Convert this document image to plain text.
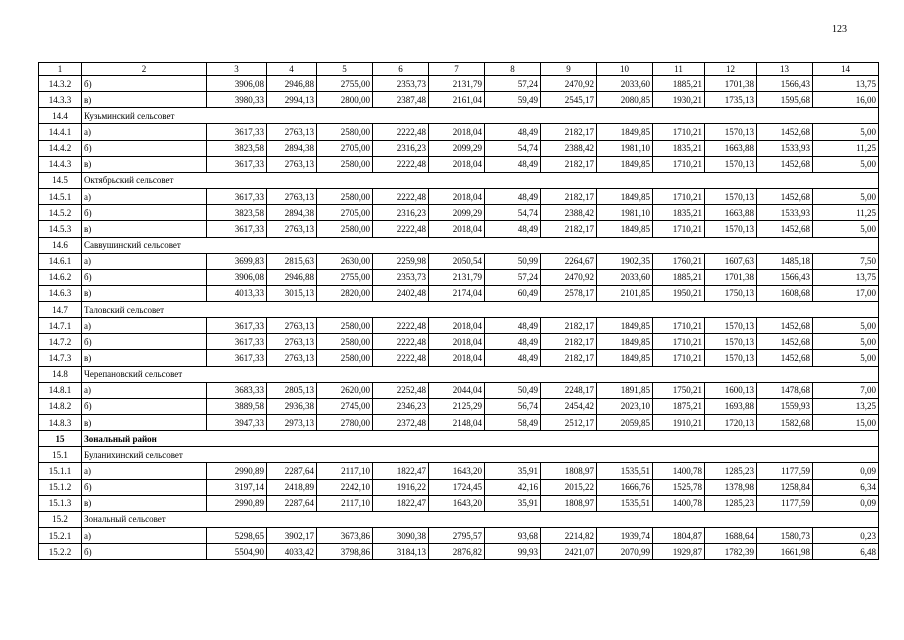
123
1	2	3	4	5	6	7	8	9	10	11	12	13	14
14.3.2	б)	3906,08	2946,88	2755,00	2353,73	2131,79	57,24	2470,92	2033,60	1885,21	1701,38	1566,43	13,75
14.3.3	в)	3980,33	2994,13	2800,00	2387,48	2161,04	59,49	2545,17	2080,85	1930,21	1735,13	1595,68	16,00
14.4	Кузьминский сельсовет												
14.4.1	а)	3617,33	2763,13	2580,00	2222,48	2018,04	48,49	2182,17	1849,85	1710,21	1570,13	1452,68	5,00
14.4.2	б)	3823,58	2894,38	2705,00	2316,23	2099,29	54,74	2388,42	1981,10	1835,21	1663,88	1533,93	11,25
14.4.3	в)	3617,33	2763,13	2580,00	2222,48	2018,04	48,49	2182,17	1849,85	1710,21	1570,13	1452,68	5,00
14.5	Октябрьский сельсовет												
14.5.1	а)	3617,33	2763,13	2580,00	2222,48	2018,04	48,49	2182,17	1849,85	1710,21	1570,13	1452,68	5,00
14.5.2	б)	3823,58	2894,38	2705,00	2316,23	2099,29	54,74	2388,42	1981,10	1835,21	1663,88	1533,93	11,25
14.5.3	в)	3617,33	2763,13	2580,00	2222,48	2018,04	48,49	2182,17	1849,85	1710,21	1570,13	1452,68	5,00
14.6	Саввушинский сельсовет												
14.6.1	а)	3699,83	2815,63	2630,00	2259,98	2050,54	50,99	2264,67	1902,35	1760,21	1607,63	1485,18	7,50
14.6.2	б)	3906,08	2946,88	2755,00	2353,73	2131,79	57,24	2470,92	2033,60	1885,21	1701,38	1566,43	13,75
14.6.3	в)	4013,33	3015,13	2820,00	2402,48	2174,04	60,49	2578,17	2101,85	1950,21	1750,13	1608,68	17,00
14.7	Таловский сельсовет												
14.7.1	а)	3617,33	2763,13	2580,00	2222,48	2018,04	48,49	2182,17	1849,85	1710,21	1570,13	1452,68	5,00
14.7.2	б)	3617,33	2763,13	2580,00	2222,48	2018,04	48,49	2182,17	1849,85	1710,21	1570,13	1452,68	5,00
14.7.3	в)	3617,33	2763,13	2580,00	2222,48	2018,04	48,49	2182,17	1849,85	1710,21	1570,13	1452,68	5,00
14.8	Черепановский сельсовет												
14.8.1	а)	3683,33	2805,13	2620,00	2252,48	2044,04	50,49	2248,17	1891,85	1750,21	1600,13	1478,68	7,00
14.8.2	б)	3889,58	2936,38	2745,00	2346,23	2125,29	56,74	2454,42	2023,10	1875,21	1693,88	1559,93	13,25
14.8.3	в)	3947,33	2973,13	2780,00	2372,48	2148,04	58,49	2512,17	2059,85	1910,21	1720,13	1582,68	15,00
15	Зональный район												
15.1	Буланихинский сельсовет												
15.1.1	а)	2990,89	2287,64	2117,10	1822,47	1643,20	35,91	1808,97	1535,51	1400,78	1285,23	1177,59	0,09
15.1.2	б)	3197,14	2418,89	2242,10	1916,22	1724,45	42,16	2015,22	1666,76	1525,78	1378,98	1258,84	6,34
15.1.3	в)	2990,89	2287,64	2117,10	1822,47	1643,20	35,91	1808,97	1535,51	1400,78	1285,23	1177,59	0,09
15.2	Зональный сельсовет												
15.2.1	а)	5298,65	3902,17	3673,86	3090,38	2795,57	93,68	2214,82	1939,74	1804,87	1688,64	1580,73	0,23
15.2.2	б)	5504,90	4033,42	3798,86	3184,13	2876,82	99,93	2421,07	2070,99	1929,87	1782,39	1661,98	6,48
